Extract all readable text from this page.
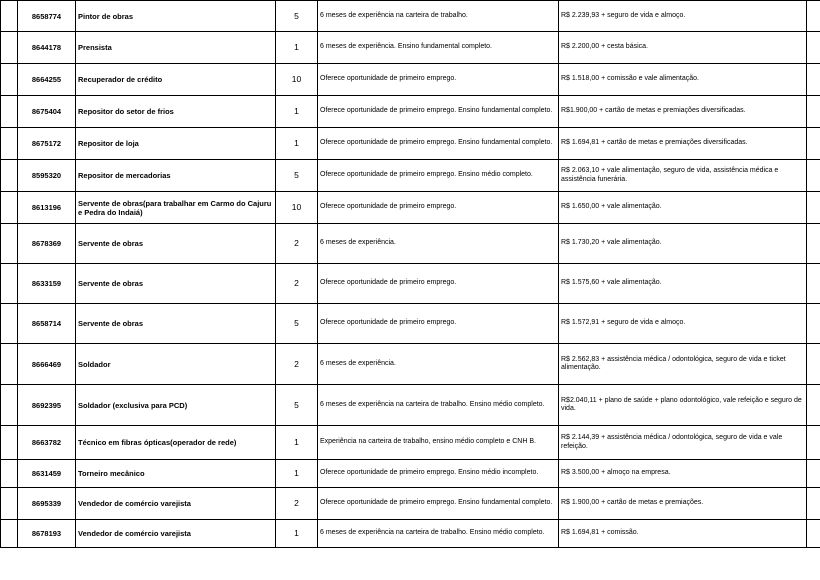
	8658774	Pintor de obras	5	6 meses de experiência na carteira de trabalho.	R$ 2.239,93 + seguro de vida e almoço.	
	8644178	Prensista	1	6 meses de experiência. Ensino fundamental completo.	R$ 2.200,00 + cesta básica.	
	8664255	Recuperador de crédito	10	Oferece oportunidade de primeiro emprego.	R$ 1.518,00 + comissão e vale alimentação.	
	8675404	Repositor do setor de frios	1	Oferece oportunidade de primeiro emprego. Ensino fundamental completo.	R$1.900,00 + cartão de metas e premiações diversificadas.	
	8675172	Repositor de loja	1	Oferece oportunidade de primeiro emprego. Ensino fundamental completo.	R$ 1.694,81 + cartão de metas e premiações diversificadas.	
	8595320	Repositor de mercadorias	5	Oferece oportunidade de primeiro emprego. Ensino médio completo.	R$ 2.063,10 + vale alimentação, seguro de vida, assistência médica e assistência funerária.	
	8613196	Servente de obras(para trabalhar em Carmo do Cajuru e Pedra do Indaiá)	10	Oferece oportunidade de primeiro emprego.	R$ 1.650,00 + vale alimentação.	
	8678369	Servente de obras	2	6 meses de experiência.	R$ 1.730,20 + vale alimentação.	
	8633159	Servente de obras	2	Oferece oportunidade de primeiro emprego.	R$ 1.575,60 + vale alimentação.	
	8658714	Servente de obras	5	Oferece oportunidade de primeiro emprego.	R$ 1.572,91 + seguro de vida e almoço.	
	8666469	Soldador	2	6 meses de experiência.	R$ 2.562,83 + assistência médica / odontológica, seguro de vida e ticket alimentação.	
	8692395	Soldador (exclusiva para PCD)	5	6 meses de experiência na carteira de trabalho. Ensino médio completo.	R$2.040,11 + plano de saúde + plano odontológico, vale refeição e seguro de vida.	
	8663782	Técnico em fibras ópticas(operador de rede)	1	Experiência na carteira de trabalho, ensino médio completo e CNH B.	R$ 2.144,39 + assistência médica / odontológica, seguro de vida e vale refeição.	
	8631459	Torneiro mecânico	1	Oferece oportunidade de primeiro emprego. Ensino médio incompleto.	R$ 3.500,00 + almoço na empresa.	
	8695339	Vendedor de comércio varejista	2	Oferece oportunidade de primeiro emprego. Ensino fundamental completo.	R$ 1.900,00 + cartão de metas e premiações.	
	8678193	Vendedor de comércio varejista	1	6 meses de experiência na carteira de trabalho. Ensino médio completo.	R$ 1.694,81 + comissão.	
